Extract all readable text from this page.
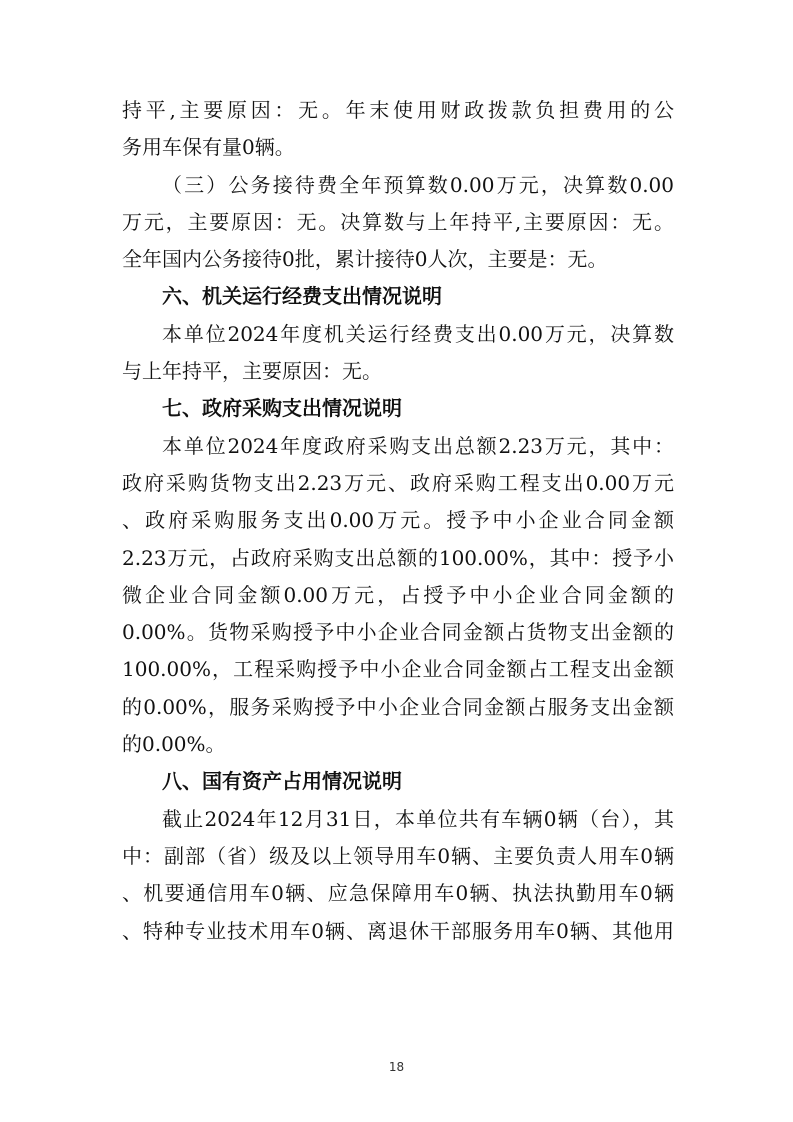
持平,主要原因：无。年末使用财政拨款负担费用的公
务用车保有量0辆。
（三）公务接待费全年预算数0.00万元，决算数0.00
万元，主要原因：无。决算数与上年持平,主要原因：无。
全年国内公务接待0批，累计接待0人次，主要是：无。
六、机关运行经费支出情况说明
本单位2024年度机关运行经费支出0.00万元，决算数
与上年持平，主要原因：无。
七、政府采购支出情况说明
本单位2024年度政府采购支出总额2.23万元，其中：
政府采购货物支出2.23万元、政府采购工程支出0.00万元
、政府采购服务支出0.00万元。授予中小企业合同金额
2.23万元，占政府采购支出总额的100.00%，其中：授予小
微企业合同金额0.00万元，占授予中小企业合同金额的
0.00%。货物采购授予中小企业合同金额占货物支出金额的
100.00%，工程采购授予中小企业合同金额占工程支出金额
的0.00%，服务采购授予中小企业合同金额占服务支出金额
的0.00%。
八、国有资产占用情况说明
截止2024年12月31日，本单位共有车辆0辆（台），其
中：副部（省）级及以上领导用车0辆、主要负责人用车0辆
、机要通信用车0辆、应急保障用车0辆、执法执勤用车0辆
、特种专业技术用车0辆、离退休干部服务用车0辆、其他用
18
